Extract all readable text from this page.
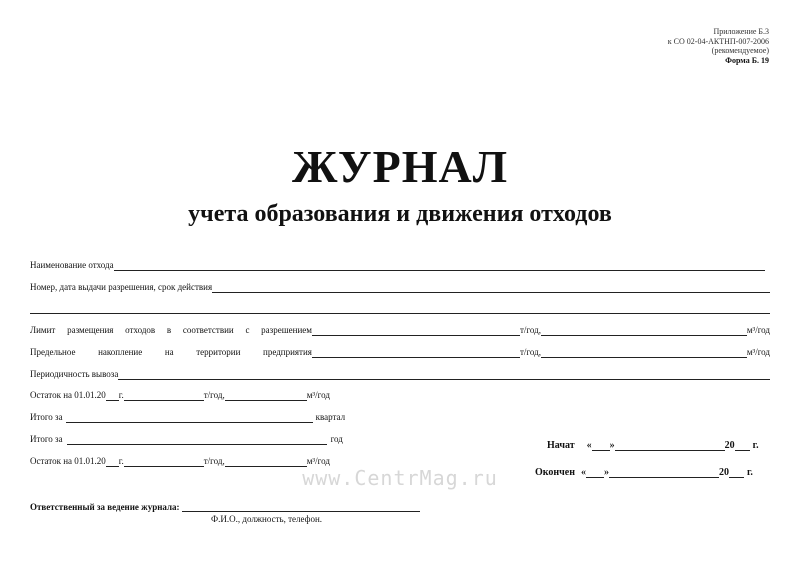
Приложение Б.3
к СО 02-04-АКТНП-007-2006
(рекомендуемое)
Форма Б. 19
ЖУРНАЛ
учета образования и движения отходов
Наименование отхода
Номер, дата выдачи разрешения, срок действия
Лимит размещения отходов в соответствии с разрешением	т/год,	м³/год
Предельное	накопление	на	территории	предприятия	т/год,	м³/год
Периодичность вывоза
Остаток на 01.01.20 г.	т/год,	м³/год
Итого за	квартал
Итого за	год
Остаток на 01.01.20 г.	т/год,	м³/год
Начат « »	20 г.
Окончен « »	20 г.
www.CentrMag.ru
Ответственный за ведение журнала:
Ф.И.О., должность, телефон.
